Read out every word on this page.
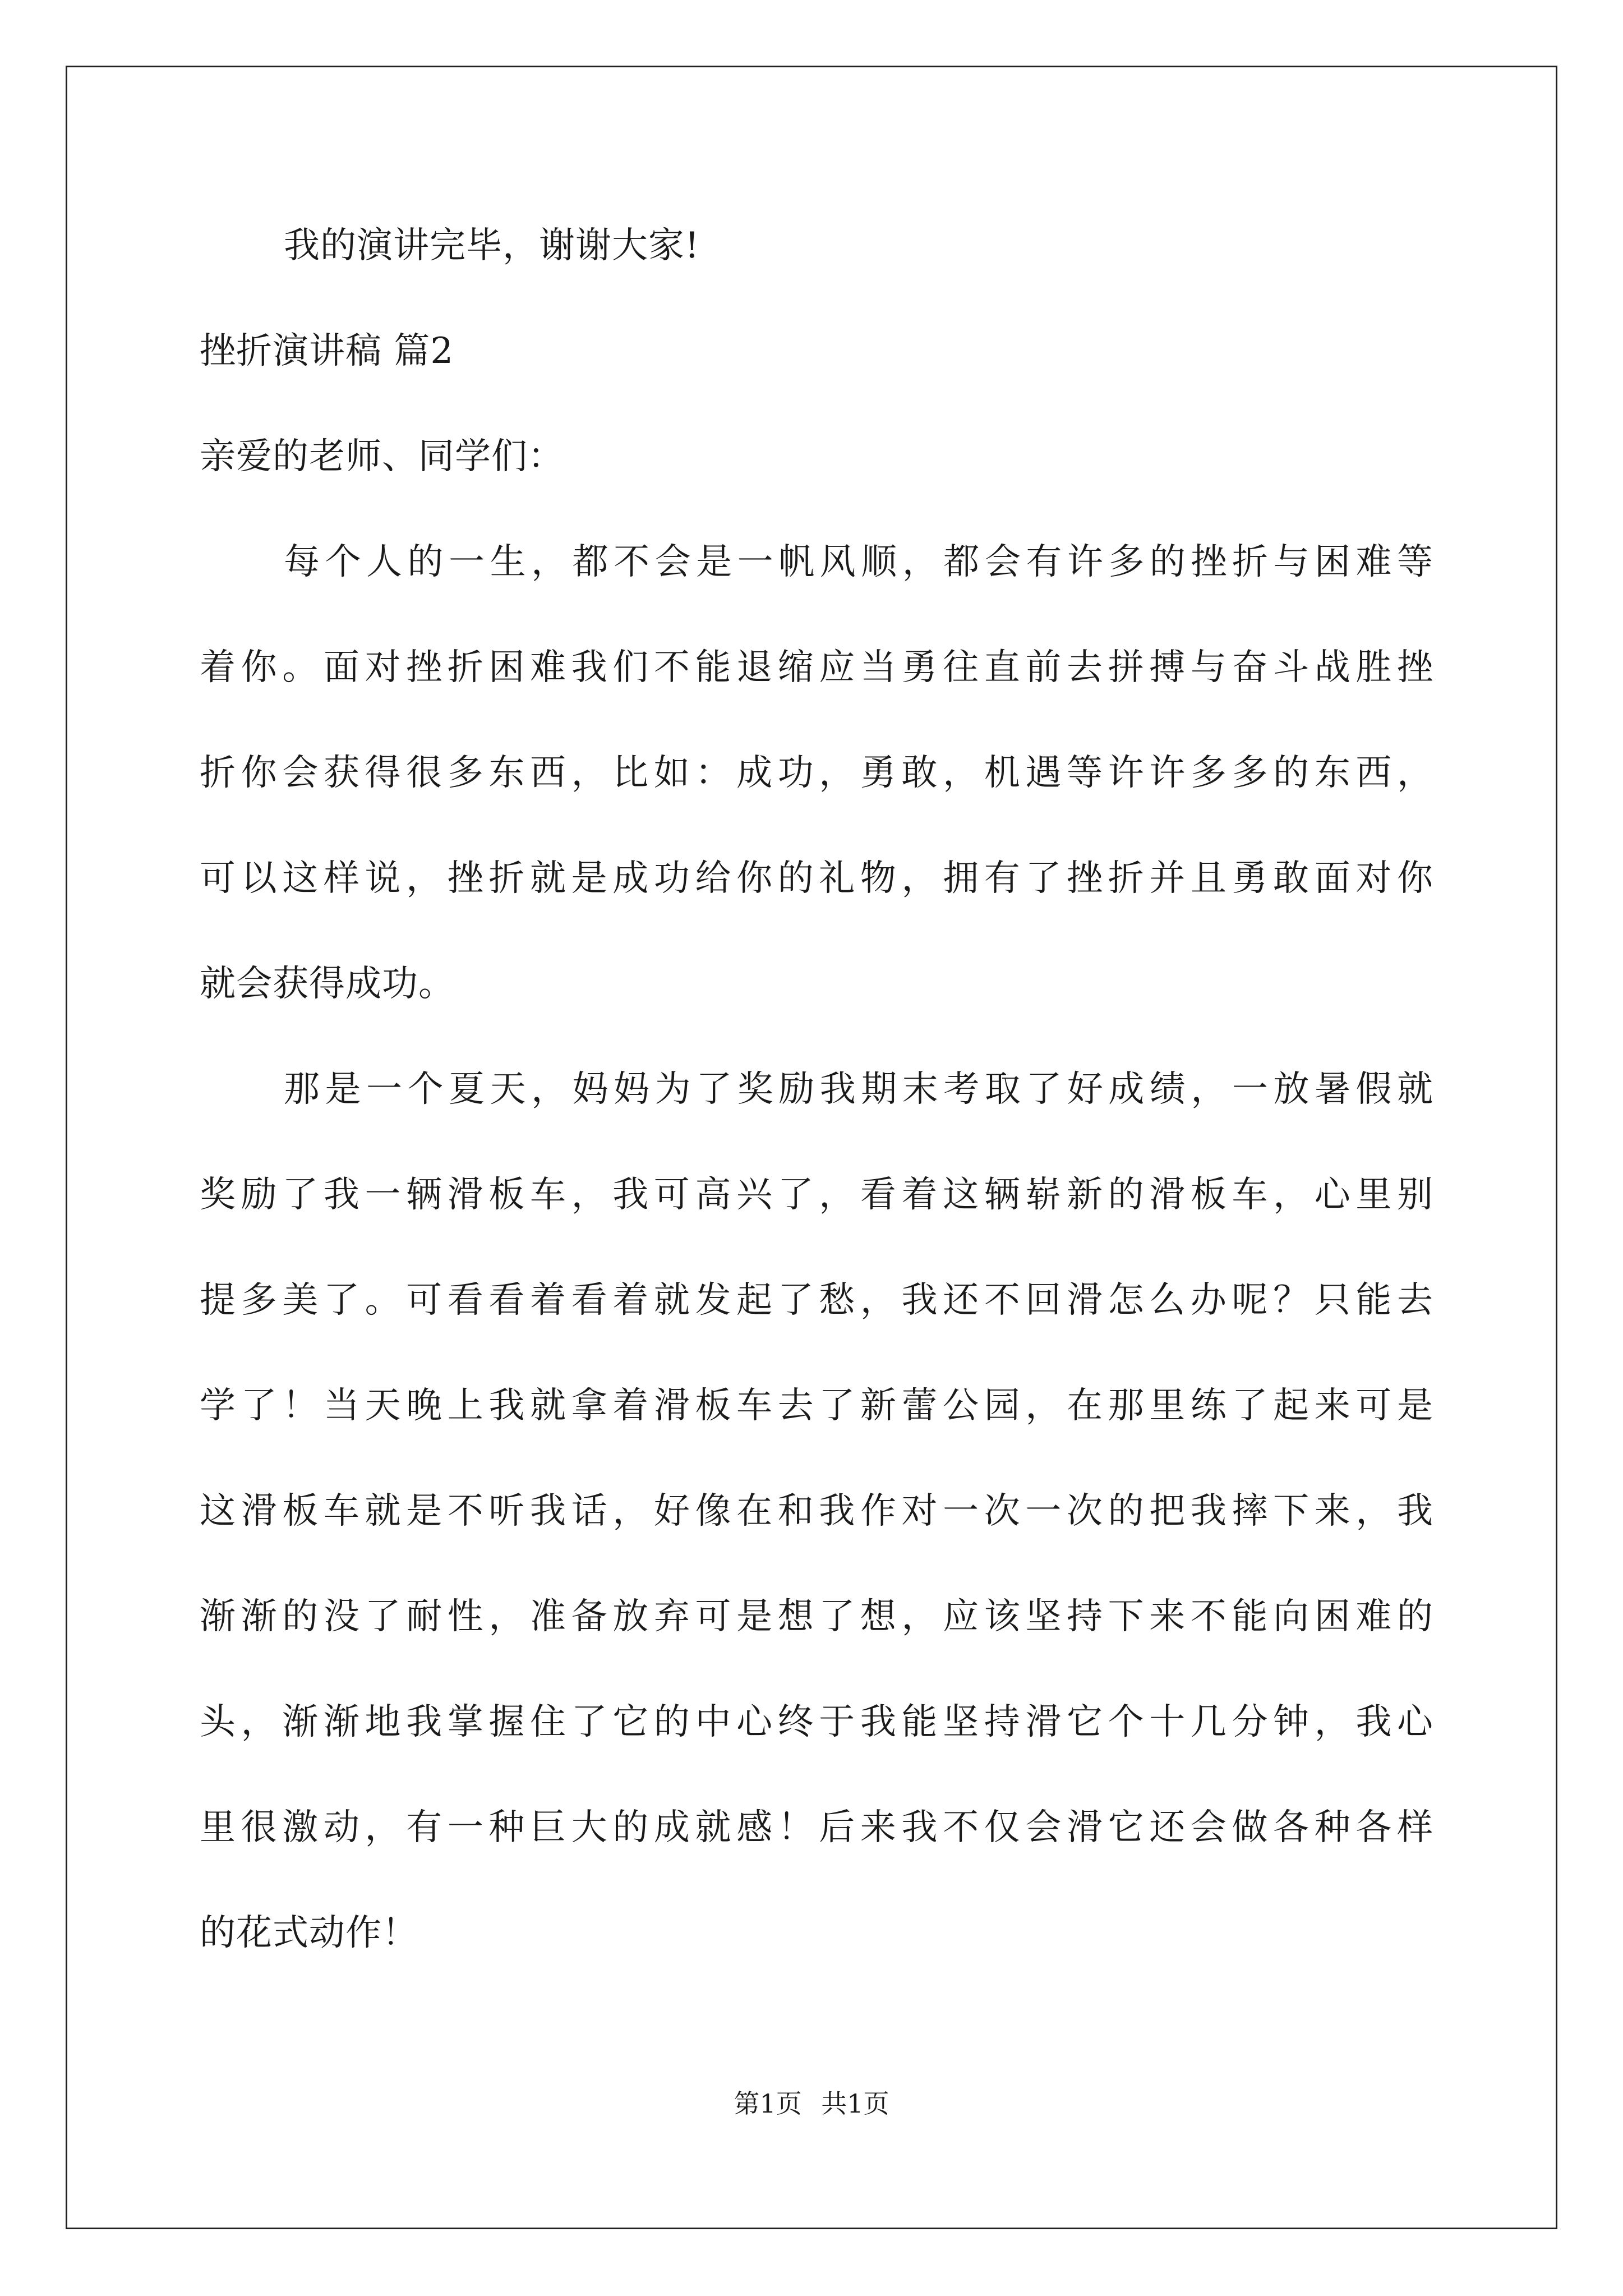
我的演讲完毕，谢谢大家!
挫折演讲稿 篇2
亲爱的老师、同学们：
每个人的一生，都不会是一帆风顺，都会有许多的挫折与困难等
着你。面对挫折困难我们不能退缩应当勇往直前去拼搏与奋斗战胜挫
折你会获得很多东西，比如：成功，勇敢，机遇等许许多多的东西，
可以这样说，挫折就是成功给你的礼物，拥有了挫折并且勇敢面对你
就会获得成功。
那是一个夏天，妈妈为了奖励我期末考取了好成绩，一放暑假就
奖励了我一辆滑板车，我可高兴了，看着这辆崭新的滑板车，心里别
提多美了。可看看着看着就发起了愁，我还不回滑怎么办呢？只能去
学了！当天晚上我就拿着滑板车去了新蕾公园，在那里练了起来可是
这滑板车就是不听我话，好像在和我作对一次一次的把我摔下来，我
渐渐的没了耐性，准备放弃可是想了想，应该坚持下来不能向困难的
头，渐渐地我掌握住了它的中心终于我能坚持滑它个十几分钟，我心
里很激动，有一种巨大的成就感！后来我不仅会滑它还会做各种各样
的花式动作！
第1页 共1页
